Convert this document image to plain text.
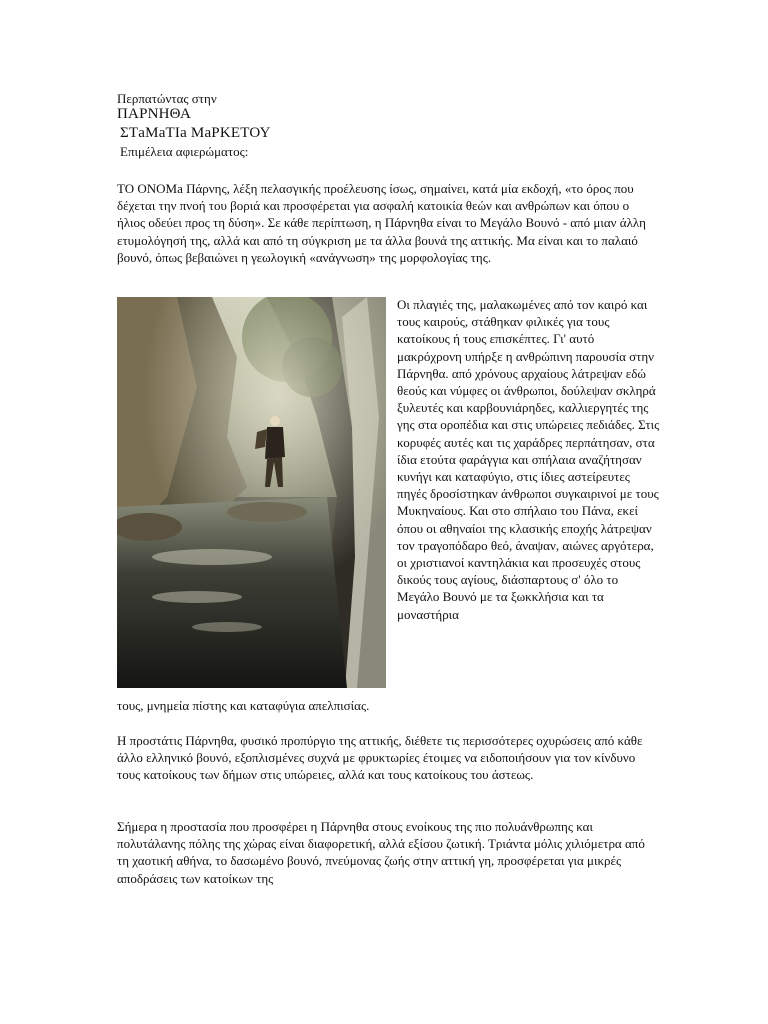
Περπατώντας στην
ΠΑΡΝΗΘΑ
ΣΤaΜaΤΙa ΜaΡΚΕΤΟΥ
Επιμέλεια αφιερώματος:

ΤΟ ΟΝΟΜa Πάρνης, λέξη πελασγικής προέλευσης ίσως, σημαίνει, κατά μία εκδοχή, «το όρος που δέχεται την πνοή του βοριά και προσφέρεται για ασφαλή κατοικία θεών και ανθρώπων και όπου ο ήλιος οδεύει προς τη δύση». Σε κάθε περίπτωση, η Πάρνηθα είναι το Μεγάλο Βουνό - από μιαν άλλη ετυμολόγησή της, αλλά και από τη σύγκριση με τα άλλα βουνά της αττικής. Μα είναι και το παλαιό βουνό, όπως βεβαιώνει η γεωλογική «ανάγνωση» της μορφολογίας της.

Οι πλαγιές της, μαλακωμένες από τον καιρό και τους καιρούς, στάθηκαν φιλικές για τους κατοίκους ή τους επισκέπτες. Γι' αυτό μακρόχρονη υπήρξε η ανθρώπινη παρουσία στην Πάρνηθα. από χρόνους αρχαίους λάτρεψαν εδώ θεούς και νύμφες οι άνθρωποι, δούλεψαν σκληρά ξυλευτές και καρβουνιάρηδες, καλλιεργητές της γης στα οροπέδια και στις υπώρειες πεδιάδες. Στις κορυφές αυτές και τις χαράδρες περπάτησαν, στα ίδια ετούτα φαράγγια και σπήλαια αναζήτησαν κυνήγι και καταφύγιο, στις ίδιες αστείρευτες πηγές δροσίστηκαν άνθρωποι συγκαιρινοί με τους Μυκηναίους. Και στο σπήλαιο του Πάνα, εκεί όπου οι αθηναίοι της κλασικής εποχής λάτρεψαν τον τραγοπόδαρο θεό, άναψαν, αιώνες αργότερα, οι χριστιανοί καντηλάκια και προσευχές στους δικούς τους αγίους, διάσπαρτους σ' όλο το Μεγάλο Βουνό με τα ξωκκλήσια και τα μοναστήρια

τους, μνημεία πίστης και καταφύγια απελπισίας.

Η προστάτις Πάρνηθα, φυσικό προπύργιο της αττικής, διέθετε τις περισσότερες οχυρώσεις από κάθε άλλο ελληνικό βουνό, εξοπλισμένες συχνά με φρυκτωρίες έτοιμες να ειδοποιήσουν για τον κίνδυνο τους κατοίκους των δήμων στις υπώρειες, αλλά και τους κατοίκους του άστεως.

Σήμερα η προστασία που προσφέρει η Πάρνηθα στους ενοίκους της πιο πολυάνθρωπης και πολυτάλανης πόλης της χώρας είναι διαφορετική, αλλά εξίσου ζωτική. Τριάντα μόλις χιλιόμετρα από τη χαοτική αθήνα, το δασωμένο βουνό, πνεύμονας ζωής στην αττική γη, προσφέρεται για μικρές αποδράσεις των κατοίκων της
